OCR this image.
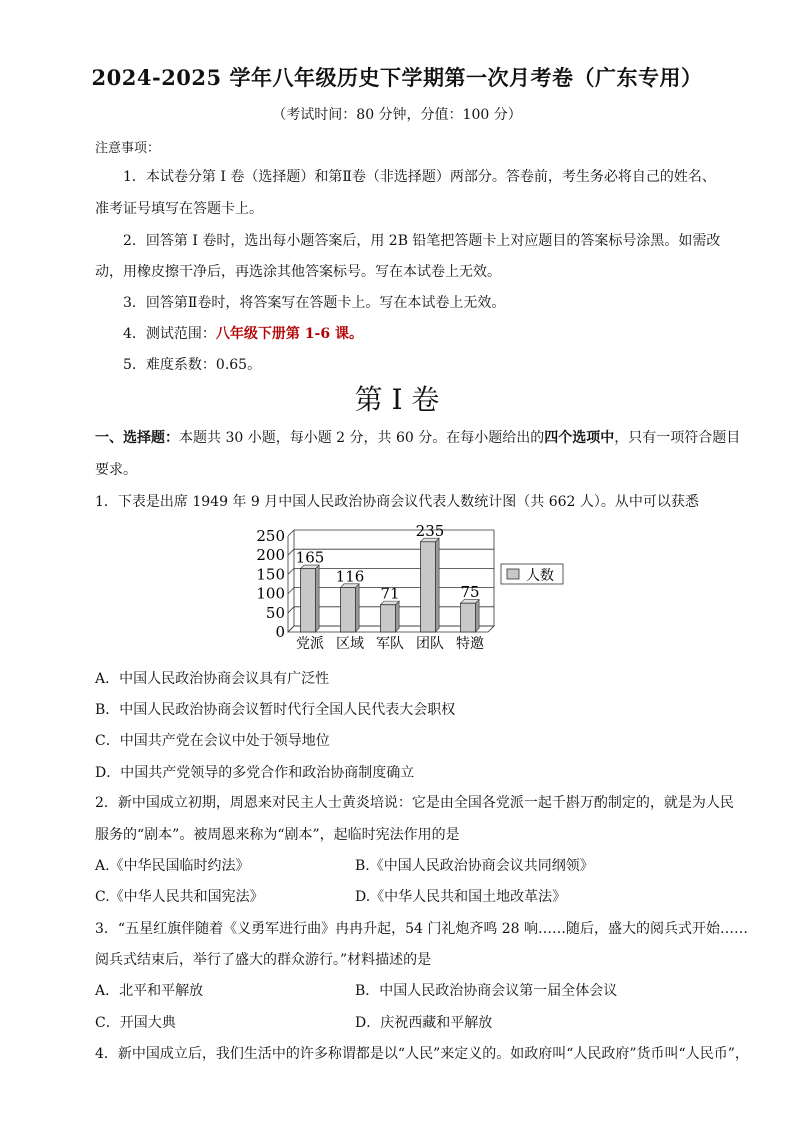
2024-2025 学年八年级历史下学期第一次月考卷（广东专用）
（考试时间：80 分钟，分值：100 分）
注意事项：
1．本试卷分第 I 卷（选择题）和第Ⅱ卷（非选择题）两部分。答卷前，考生务必将自己的姓名、
准考证号填写在答题卡上。
2．回答第 I 卷时，选出每小题答案后，用 2B 铅笔把答题卡上对应题目的答案标号涂黑。如需改
动，用橡皮擦干净后，再选涂其他答案标号。写在本试卷上无效。
3．回答第Ⅱ卷时，将答案写在答题卡上。写在本试卷上无效。
4．测试范围：八年级下册第 1-6 课。
5．难度系数：0.65。
第 I 卷
一、选择题：本题共 30 小题，每小题 2 分，共 60 分。在每小题给出的四个选项中，只有一项符合题目
要求。
1．下表是出席 1949 年 9 月中国人民政治协商会议代表人数统计图（共 662 人）。从中可以获悉
250
200
150
100
50
0
165
116
71
235
75
党派 区域 军队 团队 特邀
人数
A．中国人民政治协商会议具有广泛性
B．中国人民政治协商会议暂时代行全国人民代表大会职权
C．中国共产党在会议中处于领导地位
D．中国共产党领导的多党合作和政治协商制度确立
2．新中国成立初期，周恩来对民主人士黄炎培说：它是由全国各党派一起千斟万酌制定的，就是为人民
服务的“剧本”。被周恩来称为“剧本”，起临时宪法作用的是
A.《中华民国临时约法》	B.《中国人民政治协商会议共同纲领》
C.《中华人民共和国宪法》	D.《中华人民共和国土地改革法》
3．“五星红旗伴随着《义勇军进行曲》冉冉升起，54 门礼炮齐鸣 28 响……随后，盛大的阅兵式开始……
阅兵式结束后，举行了盛大的群众游行。”材料描述的是
A．北平和平解放	B．中国人民政治协商会议第一届全体会议
C．开国大典	D．庆祝西藏和平解放
4．新中国成立后，我们生活中的许多称谓都是以“人民”来定义的。如政府叫“人民政府”货币叫“人民币”，
